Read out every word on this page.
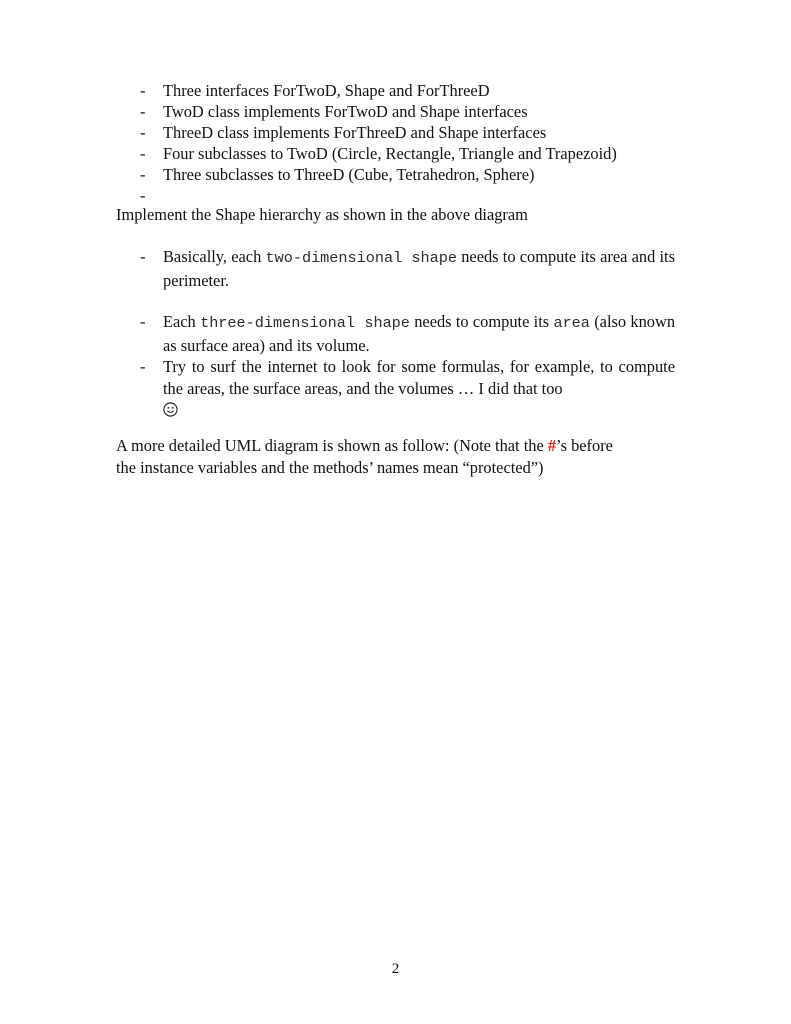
- Three interfaces ForTwoD, Shape and ForThreeD
- TwoD class implements ForTwoD and Shape interfaces
- ThreeD class implements ForThreeD and Shape interfaces
- Four subclasses to TwoD (Circle, Rectangle, Triangle and Trapezoid)
- Three subclasses to ThreeD (Cube, Tetrahedron, Sphere)
-
Implement the Shape hierarchy as shown in the above diagram
- Basically, each two-dimensional shape needs to compute its area and its perimeter.
- Each three-dimensional shape needs to compute its area (also known as surface area) and its volume.
- Try to surf the internet to look for some formulas, for example, to compute the areas, the surface areas, and the volumes … I did that too

A more detailed UML diagram is shown as follow: (Note that the #’s before
the instance variables and the methods’ names mean “protected”)
2
